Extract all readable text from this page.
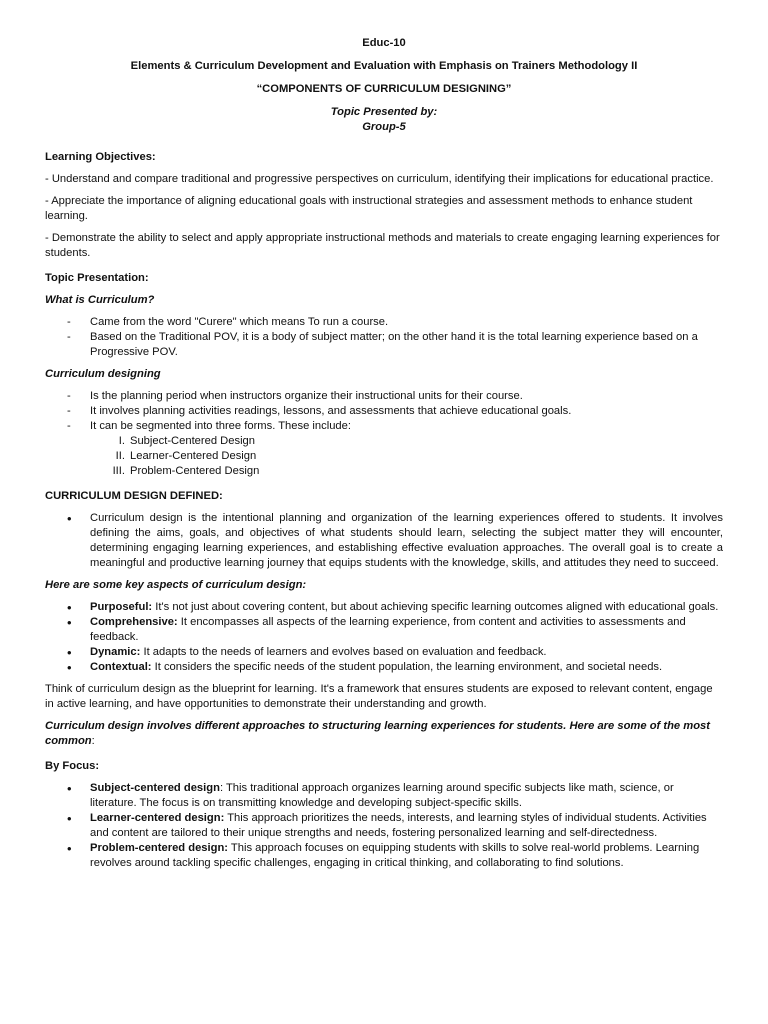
Educ-10
Elements & Curriculum Development and Evaluation with Emphasis on Trainers Methodology II
“COMPONENTS OF CURRICULUM DESIGNING”
Topic Presented by:
Group-5
Learning Objectives:

- Understand and compare traditional and progressive perspectives on curriculum, identifying their implications for educational practice.

- Appreciate the importance of aligning educational goals with instructional strategies and assessment methods to enhance student learning.

- Demonstrate the ability to select and apply appropriate instructional methods and materials to create engaging learning experiences for students.

Topic Presentation:
What is Curriculum?
- Came from the word "Curere" which means To run a course.
- Based on the Traditional POV, it is a body of subject matter; on the other hand it is the total learning experience based on a Progressive POV.
Curriculum designing
- Is the planning period when instructors organize their instructional units for their course.
- It involves planning activities readings, lessons, and assessments that achieve educational goals.
- It can be segmented into three forms. These include:
I. Subject-Centered Design
II. Learner-Centered Design
III. Problem-Centered Design
CURRICULUM DESIGN DEFINED:
• Curriculum design is the intentional planning and organization of the learning experiences offered to students. It involves defining the aims, goals, and objectives of what students should learn, selecting the subject matter they will encounter, determining engaging learning experiences, and establishing effective evaluation approaches. The overall goal is to create a meaningful and productive learning journey that equips students with the knowledge, skills, and attitudes they need to succeed.
Here are some key aspects of curriculum design:
• Purposeful: It's not just about covering content, but about achieving specific learning outcomes aligned with educational goals.
• Comprehensive: It encompasses all aspects of the learning experience, from content and activities to assessments and feedback.
• Dynamic: It adapts to the needs of learners and evolves based on evaluation and feedback.
• Contextual: It considers the specific needs of the student population, the learning environment, and societal needs.

Think of curriculum design as the blueprint for learning. It's a framework that ensures students are exposed to relevant content, engage in active learning, and have opportunities to demonstrate their understanding and growth.

Curriculum design involves different approaches to structuring learning experiences for students. Here are some of the most common:

By Focus:
• Subject-centered design: This traditional approach organizes learning around specific subjects like math, science, or literature. The focus is on transmitting knowledge and developing subject-specific skills.
• Learner-centered design: This approach prioritizes the needs, interests, and learning styles of individual students. Activities and content are tailored to their unique strengths and needs, fostering personalized learning and self-directedness.
• Problem-centered design: This approach focuses on equipping students with skills to solve real-world problems. Learning revolves around tackling specific challenges, engaging in critical thinking, and collaborating to find solutions.
